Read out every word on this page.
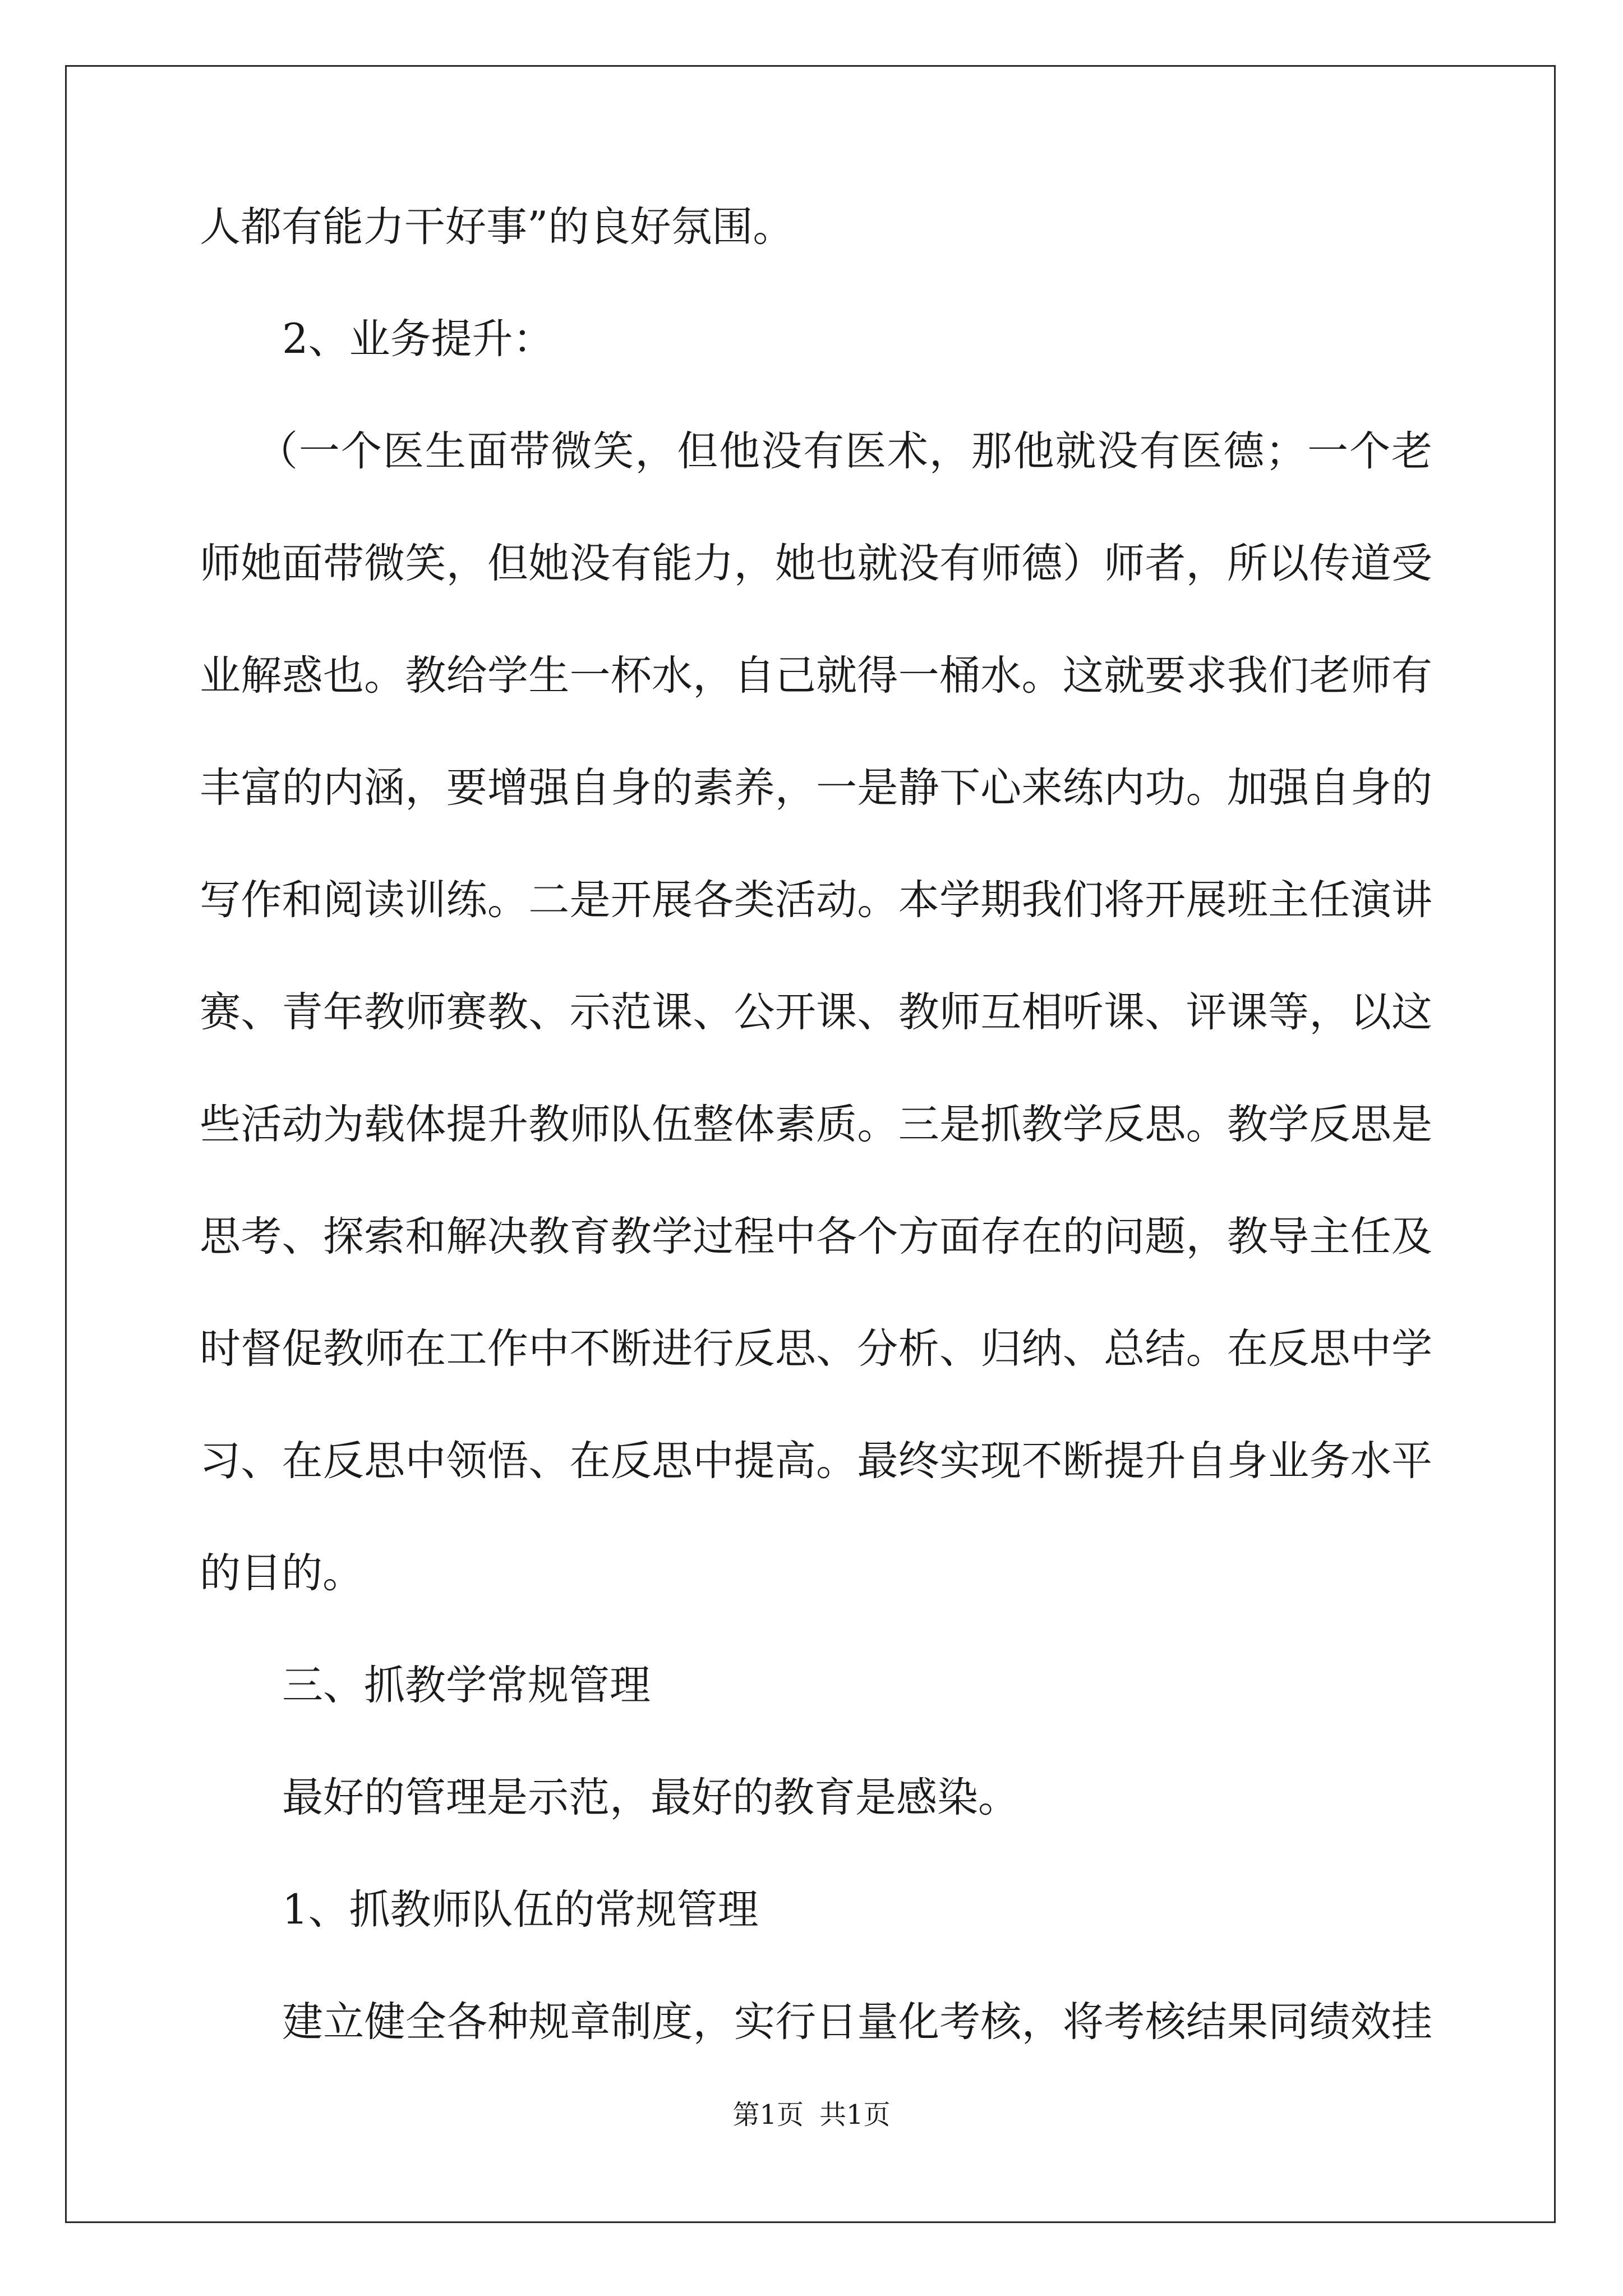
人都有能力干好事”的良好氛围。
2、业务提升：
（一个医生面带微笑，但他没有医术，那他就没有医德；一个老
师她面带微笑，但她没有能力，她也就没有师德）师者，所以传道受
业解惑也。教给学生一杯水，自己就得一桶水。这就要求我们老师有
丰富的内涵，要增强自身的素养，一是静下心来练内功。加强自身的
写作和阅读训练。二是开展各类活动。本学期我们将开展班主任演讲
赛、青年教师赛教、示范课、公开课、教师互相听课、评课等，以这
些活动为载体提升教师队伍整体素质。三是抓教学反思。教学反思是
思考、探索和解决教育教学过程中各个方面存在的问题，教导主任及
时督促教师在工作中不断进行反思、分析、归纳、总结。在反思中学
习、在反思中领悟、在反思中提高。最终实现不断提升自身业务水平
的目的。
三、抓教学常规管理
最好的管理是示范，最好的教育是感染。
1、抓教师队伍的常规管理
建立健全各种规章制度，实行日量化考核，将考核结果同绩效挂
第1页 共1页
